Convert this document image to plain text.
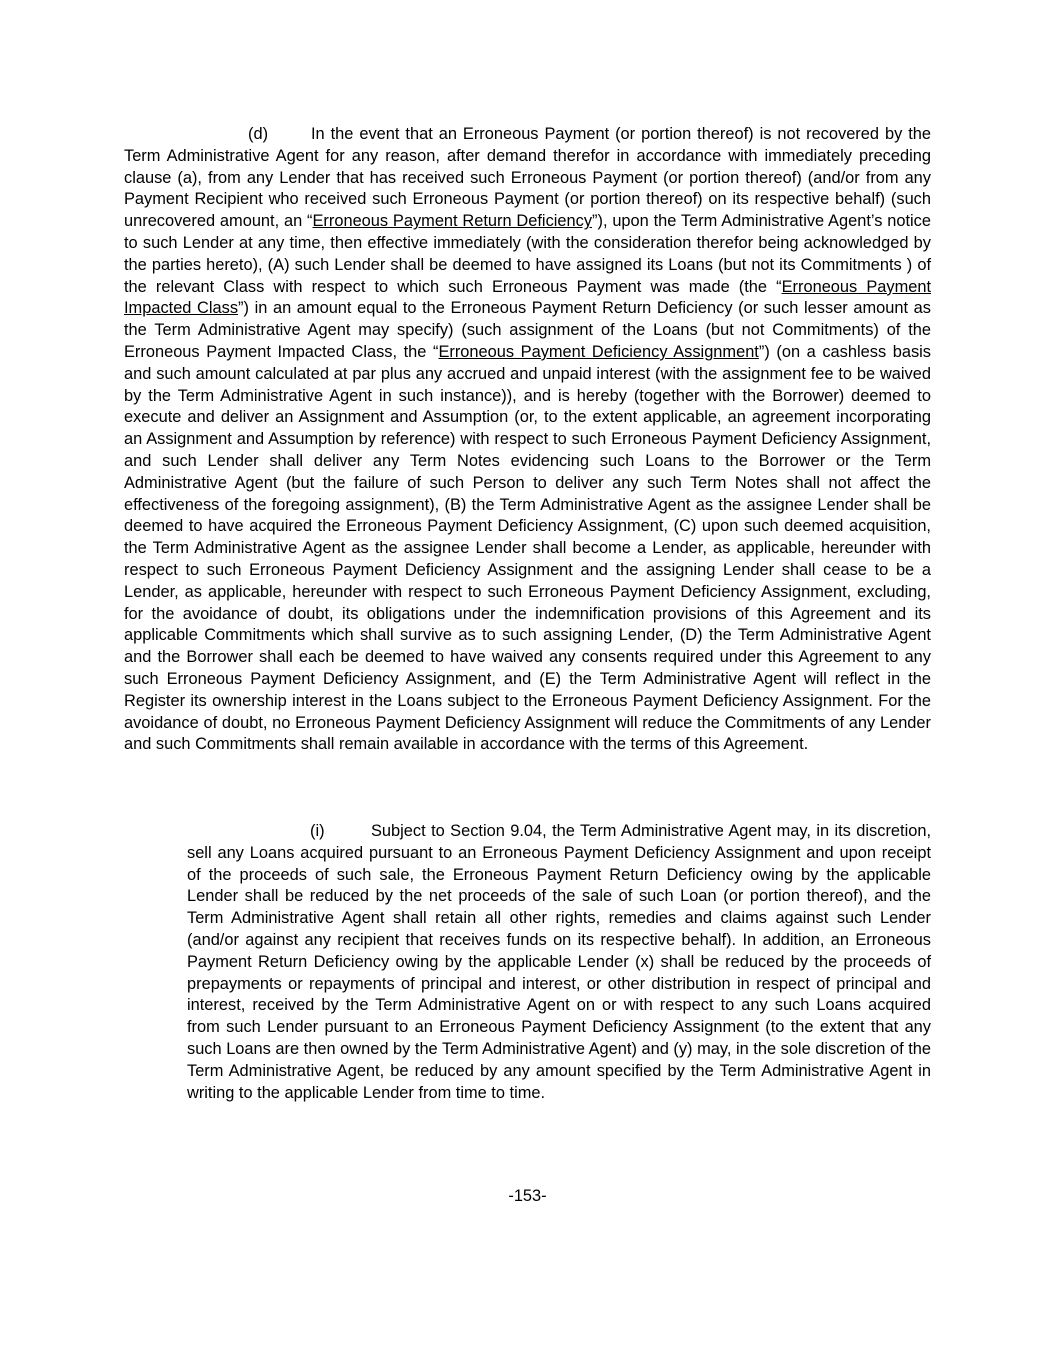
(d)	In the event that an Erroneous Payment (or portion thereof) is not recovered by the Term Administrative Agent for any reason, after demand therefor in accordance with immediately preceding clause (a), from any Lender that has received such Erroneous Payment (or portion thereof) (and/or from any Payment Recipient who received such Erroneous Payment (or portion thereof) on its respective behalf) (such unrecovered amount, an “Erroneous Payment Return Deficiency”), upon the Term Administrative Agent’s notice to such Lender at any time, then effective immediately (with the consideration therefor being acknowledged by the parties hereto), (A) such Lender shall be deemed to have assigned its Loans (but not its Commitments ) of the relevant Class with respect to which such Erroneous Payment was made (the “Erroneous Payment Impacted Class”) in an amount equal to the Erroneous Payment Return Deficiency (or such lesser amount as the Term Administrative Agent may specify) (such assignment of the Loans (but not Commitments) of the Erroneous Payment Impacted Class, the “Erroneous Payment Deficiency Assignment”) (on a cashless basis and such amount calculated at par plus any accrued and unpaid interest (with the assignment fee to be waived by the Term Administrative Agent in such instance)), and is hereby (together with the Borrower) deemed to execute and deliver an Assignment and Assumption (or, to the extent applicable, an agreement incorporating an Assignment and Assumption by reference) with respect to such Erroneous Payment Deficiency Assignment, and such Lender shall deliver any Term Notes evidencing such Loans to the Borrower or the Term Administrative Agent (but the failure of such Person to deliver any such Term Notes shall not affect the effectiveness of the foregoing assignment), (B) the Term Administrative Agent as the assignee Lender shall be deemed to have acquired the Erroneous Payment Deficiency Assignment, (C) upon such deemed acquisition, the Term Administrative Agent as the assignee Lender shall become a Lender, as applicable, hereunder with respect to such Erroneous Payment Deficiency Assignment and the assigning Lender shall cease to be a Lender, as applicable, hereunder with respect to such Erroneous Payment Deficiency Assignment, excluding, for the avoidance of doubt, its obligations under the indemnification provisions of this Agreement and its applicable Commitments which shall survive as to such assigning Lender, (D) the Term Administrative Agent and the Borrower shall each be deemed to have waived any consents required under this Agreement to any such Erroneous Payment Deficiency Assignment, and (E) the Term Administrative Agent will reflect in the Register its ownership interest in the Loans subject to the Erroneous Payment Deficiency Assignment. For the avoidance of doubt, no Erroneous Payment Deficiency Assignment will reduce the Commitments of any Lender and such Commitments shall remain available in accordance with the terms of this Agreement.

(i)	Subject to Section 9.04, the Term Administrative Agent may, in its discretion, sell any Loans acquired pursuant to an Erroneous Payment Deficiency Assignment and upon receipt of the proceeds of such sale, the Erroneous Payment Return Deficiency owing by the applicable Lender shall be reduced by the net proceeds of the sale of such Loan (or portion thereof), and the Term Administrative Agent shall retain all other rights, remedies and claims against such Lender (and/or against any recipient that receives funds on its respective behalf). In addition, an Erroneous Payment Return Deficiency owing by the applicable Lender (x) shall be reduced by the proceeds of prepayments or repayments of principal and interest, or other distribution in respect of principal and interest, received by the Term Administrative Agent on or with respect to any such Loans acquired from such Lender pursuant to an Erroneous Payment Deficiency Assignment (to the extent that any such Loans are then owned by the Term Administrative Agent) and (y) may, in the sole discretion of the Term Administrative Agent, be reduced by any amount specified by the Term Administrative Agent in writing to the applicable Lender from time to time.

-153-
